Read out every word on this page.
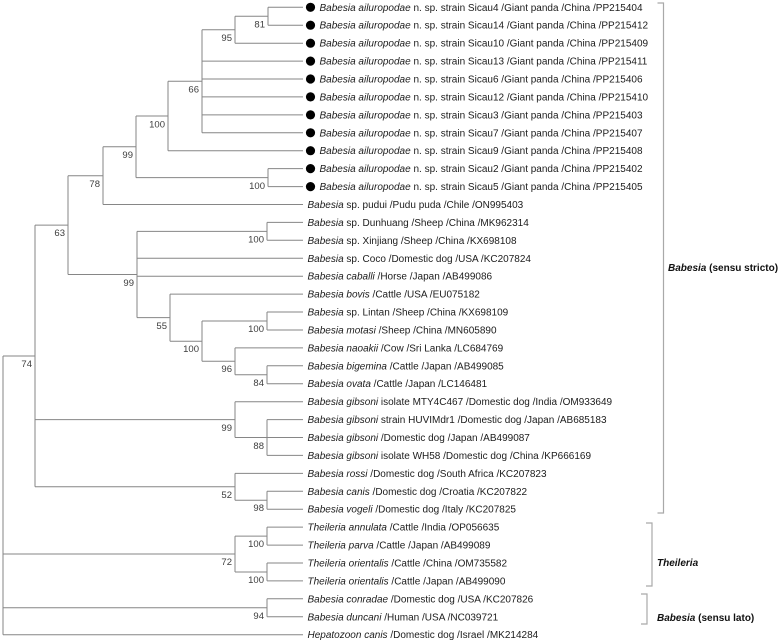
Babesia ailuropodae n. sp. strain Sicau4 /Giant panda /China /PP215404
Babesia ailuropodae n. sp. strain Sicau14 /Giant panda /China /PP215412
Babesia ailuropodae n. sp. strain Sicau10 /Giant panda /China /PP215409
Babesia ailuropodae n. sp. strain Sicau13 /Giant panda /China /PP215411
Babesia ailuropodae n. sp. strain Sicau6 /Giant panda /China /PP215406
Babesia ailuropodae n. sp. strain Sicau12 /Giant panda /China /PP215410
Babesia ailuropodae n. sp. strain Sicau3 /Giant panda /China /PP215403
Babesia ailuropodae n. sp. strain Sicau7 /Giant panda /China /PP215407
Babesia ailuropodae n. sp. strain Sicau9 /Giant panda /China /PP215408
Babesia ailuropodae n. sp. strain Sicau2 /Giant panda /China /PP215402
Babesia ailuropodae n. sp. strain Sicau5 /Giant panda /China /PP215405
Babesia sp. pudui /Pudu puda /Chile /ON995403
Babesia sp. Dunhuang /Sheep /China /MK962314
Babesia sp. Xinjiang /Sheep /China /KX698108
Babesia sp. Coco /Domestic dog /USA /KC207824
Babesia caballi /Horse /Japan /AB499086
Babesia bovis /Cattle /USA /EU075182
Babesia sp. Lintan /Sheep /China /KX698109
Babesia motasi /Sheep /China /MN605890
Babesia naoakii /Cow /Sri Lanka /LC684769
Babesia bigemina /Cattle /Japan /AB499085
Babesia ovata /Cattle /Japan /LC146481
Babesia gibsoni isolate MTY4C467 /Domestic dog /India /OM933649
Babesia gibsoni strain HUVIMdr1 /Domestic dog /Japan /AB685183
Babesia gibsoni /Domestic dog /Japan /AB499087
Babesia gibsoni isolate WH58 /Domestic dog /China /KP666169
Babesia rossi /Domestic dog /South Africa /KC207823
Babesia canis /Domestic dog /Croatia /KC207822
Babesia vogeli /Domestic dog /Italy /KC207825
Theileria annulata /Cattle /India /OP056635
Theileria parva /Cattle /Japan /AB499089
Theileria orientalis /Cattle /China /OM735582
Theileria orientalis /Cattle /Japan /AB499090
Babesia conradae /Domestic dog /USA /KC207826
Babesia duncani /Human /USA /NC039721
Hepatozoon canis /Domestic dog /Israel /MK214284
81
95
66
100
100
99
78
63
100
99
55	100
100
96
84
74
99
88
52
98
72
100
100
94
Babesia (sensu stricto)
Theileria
Babesia (sensu lato)
